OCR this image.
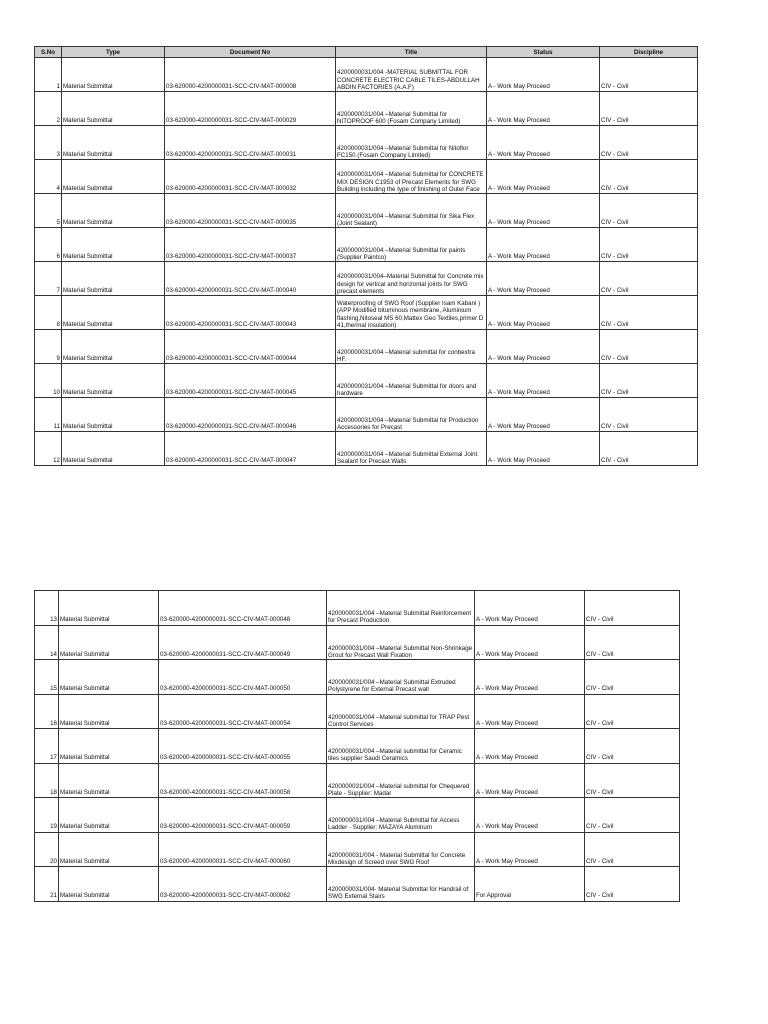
S.No	Type	Document No	Title	Status	Discipline
1	Material Submittal	03-620000-4200000031-SCC-CIV-MAT-000008	4200000031/004 -MATERIAL SUBMITTAL FOR CONCRETE ELECTRIC CABLE TILES-ABDULLAH ABDIN FACTORIES (A.A.F)	A - Work May Proceed	CIV - Civil
2	Material Submittal	03-620000-4200000031-SCC-CIV-MAT-000029	4200000031/004 –Material Submittal for NITOPROOF 600 (Fosam Company Limited)	A - Work May Proceed	CIV - Civil
3	Material Submittal	03-620000-4200000031-SCC-CIV-MAT-000031	4200000031/004 –Material Submittal for Nitoflor FC150 (Fosam Company Limited)	A - Work May Proceed	CIV - Civil
4	Material Submittal	03-620000-4200000031-SCC-CIV-MAT-000032	4200000031/004 –Material Submittal for CONCRETE MIX DESIGN C1953 of Precast Elements for SWG Building including the type of finishing of Outer Face	A - Work May Proceed	CIV - Civil
5	Material Submittal	03-620000-4200000031-SCC-CIV-MAT-000035	4200000031/004 –Material Submittal for Sika Flex (Joint Sealant)	A - Work May Proceed	CIV - Civil
6	Material Submittal	03-620000-4200000031-SCC-CIV-MAT-000037	4200000031/004 –Material Submittal for paints (Supplier Paintco)	A - Work May Proceed	CIV - Civil
7	Material Submittal	03-620000-4200000031-SCC-CIV-MAT-000040	4200000031/004–Material Submittal for Concrete mix design for vertical and horizontal joints for SWG precast elements	A - Work May Proceed	CIV - Civil
8	Material Submittal	03-620000-4200000031-SCC-CIV-MAT-000043	Waterproofing of SWG Roof (Supplier Isam Kabani ) (APP Modified bituminous membrane, Aluminium flashing,Nitoseal MS 60,Mattex Geo Textiles,primer D 41,thermal insulation)	A - Work May Proceed	CIV - Civil
9	Material Submittal	03-620000-4200000031-SCC-CIV-MAT-000044	4200000031/004 –Material submittal for conbextra HF.	A - Work May Proceed	CIV - Civil
10	Material Submittal	03-620000-4200000031-SCC-CIV-MAT-000045	4200000031/004 –Material Submittal for doors and hardware	A - Work May Proceed	CIV - Civil
11	Material Submittal	03-620000-4200000031-SCC-CIV-MAT-000046	4200000031/004 –Material Submittal for Production Accessories for Precast	A - Work May Proceed	CIV - Civil
12	Material Submittal	03-620000-4200000031-SCC-CIV-MAT-000047	4200000031/004 –Material Submittal External Joint Sealant for Precast Walls	A - Work May Proceed	CIV - Civil
13	Material Submittal	03-620000-4200000031-SCC-CIV-MAT-000048	4200000031/004 –Material Submittal Reinforcement for Precast Production	A - Work May Proceed	CIV - Civil
14	Material Submittal	03-620000-4200000031-SCC-CIV-MAT-000049	4200000031/004 –Material Submittal Non-Shrinkage Grout for Precast Wall Fixation	A - Work May Proceed	CIV - Civil
15	Material Submittal	03-620000-4200000031-SCC-CIV-MAT-000050	4200000031/004 –Material Submittal Extruded Polystyrene for External Precast wall	A - Work May Proceed	CIV - Civil
16	Material Submittal	03-620000-4200000031-SCC-CIV-MAT-000054	4200000031/004 –Material submittal for TRAP Pest Control Services	A - Work May Proceed	CIV - Civil
17	Material Submittal	03-620000-4200000031-SCC-CIV-MAT-000055	4200000031/004 –Material submittal for Ceramic tiles supplier Saudi Ceramics	A - Work May Proceed	CIV - Civil
18	Material Submittal	03-620000-4200000031-SCC-CIV-MAT-000058	4200000031/004 –Material submittal for Chequered Plate - Supplier: Madar	A - Work May Proceed	CIV - Civil
19	Material Submittal	03-620000-4200000031-SCC-CIV-MAT-000059	4200000031/004 –Material Submittal for Access Ladder - Supplier: MAZAYA Aluminum	A - Work May Proceed	CIV - Civil
20	Material Submittal	03-620000-4200000031-SCC-CIV-MAT-000060	4200000031/004 - Material Submittal for Concrete Mixdesign of Screed over SWG Roof	A - Work May Proceed	CIV - Civil
21	Material Submittal	03-620000-4200000031-SCC-CIV-MAT-000062	4200000031/004- Material Submittal for Handrail of SWG External Stairs	For Approval	CIV - Civil
